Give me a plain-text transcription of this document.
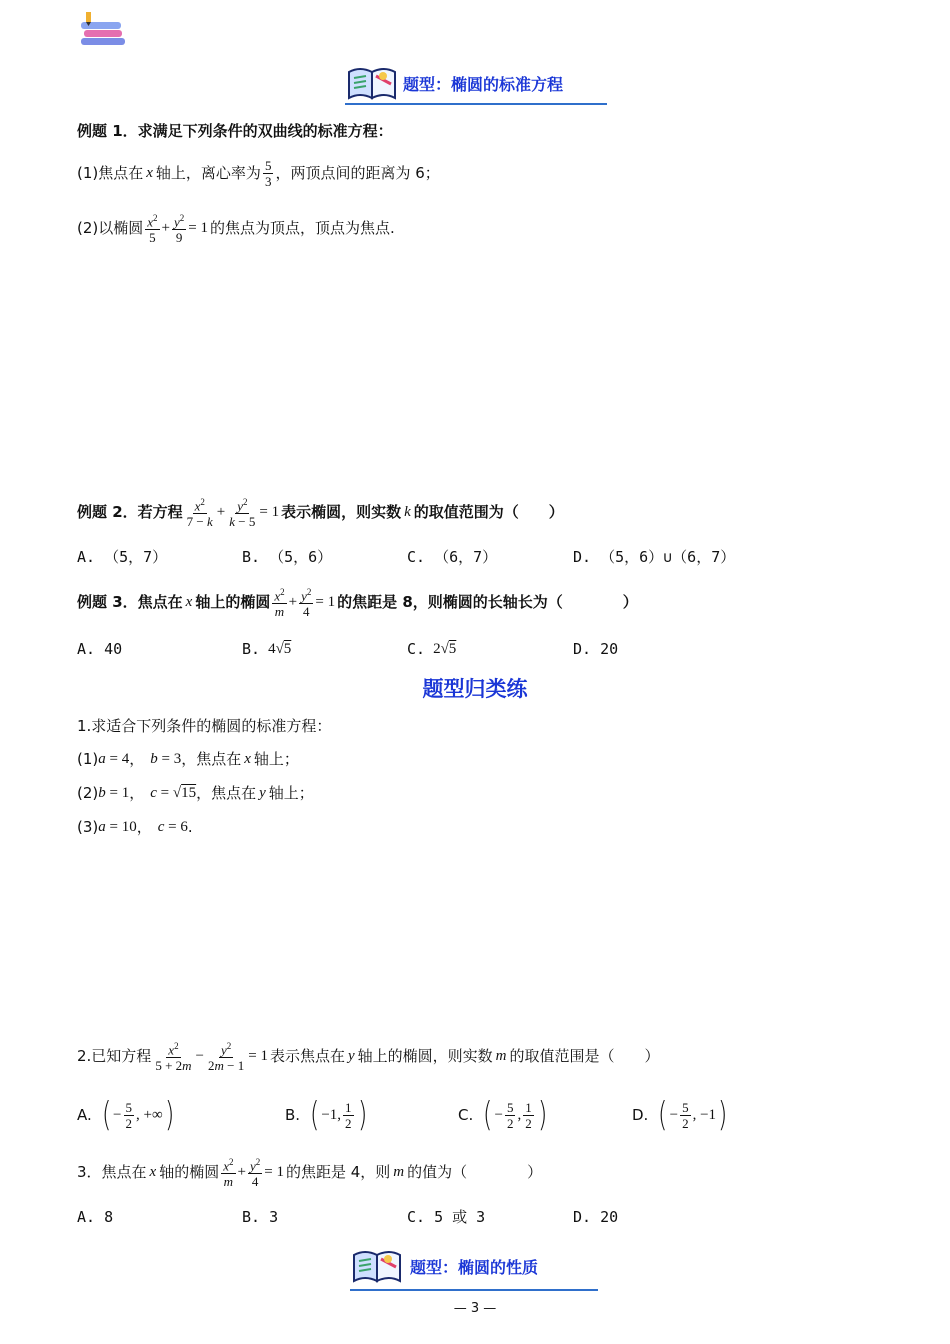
题型：椭圆的标准方程
例题 1．求满足下列条件的双曲线的标准方程：
(1)焦点在 x 轴上，离心率为 $\frac{5}{3}$ ，两顶点间的距离为 6；
(2)以椭圆 $\frac{x^2}{5} + \frac{y^2}{9} = 1$ 的焦点为顶点，顶点为焦点.
例题 2．若方程 $\frac{x^2}{7 - k} + \frac{y^2}{k - 5} = 1$ 表示椭圆，则实数 k 的取值范围为（　　）
A. （5，7）	B. （5，6）	C. （6，7）	D. （5，6）∪（6，7）
例题 3．焦点在 x 轴上的椭圆 $\frac{x^2}{m} + \frac{y^2}{4} = 1$ 的焦距是 8，则椭圆的长轴长为（　　　　）
A. 40	B. 4√5	C. 2√5	D. 20
题型归类练
1.求适合下列条件的椭圆的标准方程：
(1) a = 4 ， b = 3 ，焦点在 x 轴上；
(2) b = 1 ， c = √15 ，焦点在 y 轴上；
(3) a = 10 ， c = 6 .
2.已知方程 $\frac{x^2}{5 + 2m} - \frac{y^2}{2m - 1} = 1$ 表示焦点在 y 轴上的椭圆，则实数 m 的取值范围是（　　）
A. ( − $\frac{5}{2}$ , +∞ )	B. ( −1, $\frac{1}{2}$ )	C. ( − $\frac{5}{2}$ , $\frac{1}{2}$ )	D. ( − $\frac{5}{2}$ , −1 )
3．焦点在 x 轴的椭圆 $\frac{x^2}{m} + \frac{y^2}{4} = 1$ 的焦距是 4，则 m 的值为（　　　　）
A. 8	B. 3	C. 5 或 3	D. 20
题型：椭圆的性质
— 3 —
